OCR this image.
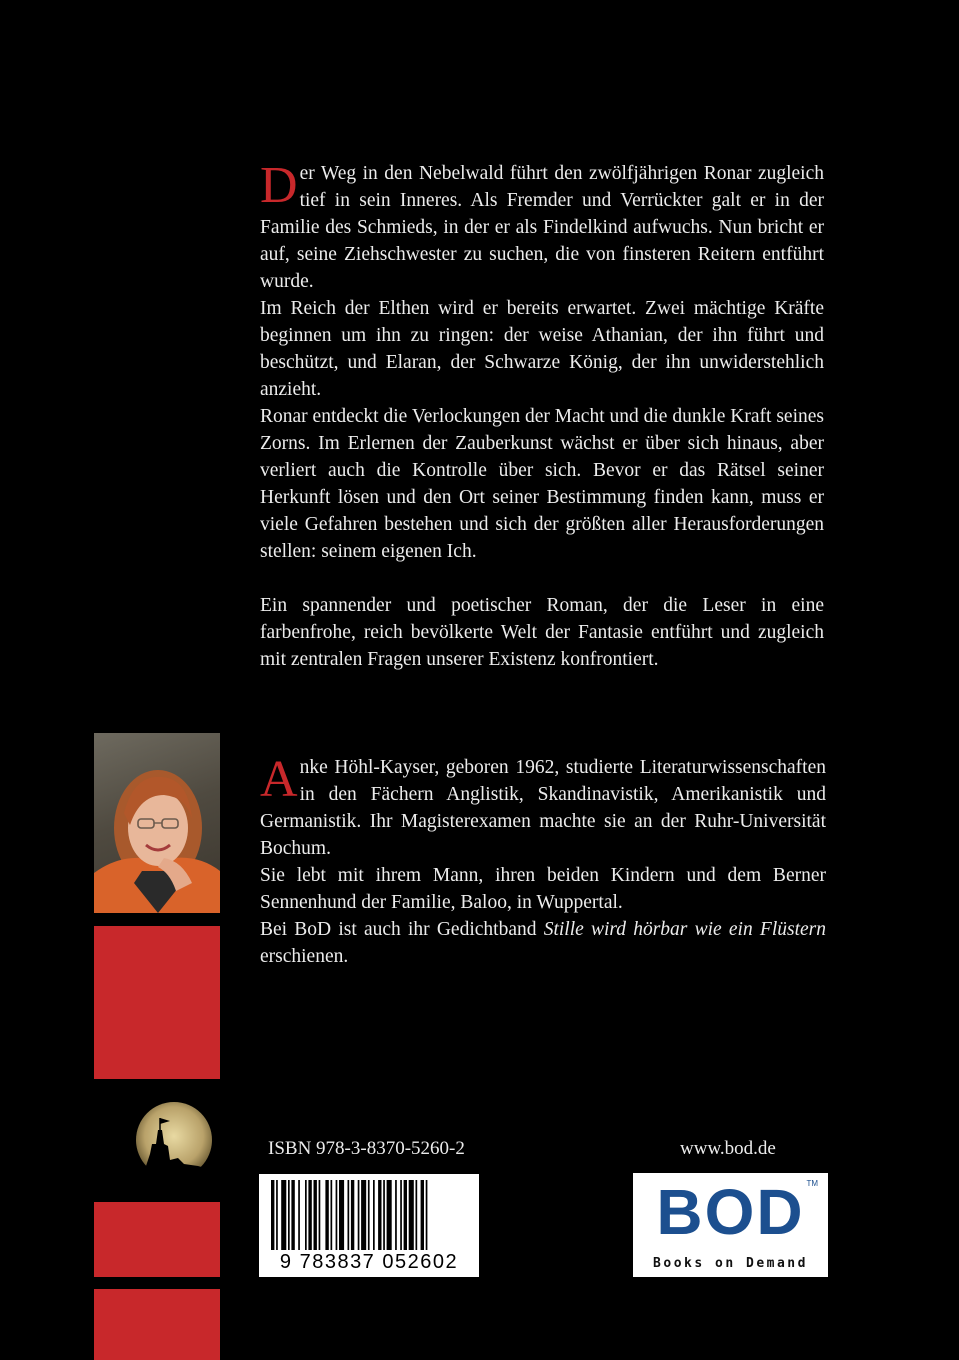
Der Weg in den Nebelwald führt den zwölfjährigen Ronar zugleich tief in sein Inneres. Als Fremder und Verrückter galt er in der Familie des Schmieds, in der er als Findelkind aufwuchs. Nun bricht er auf, seine Ziehschwester zu suchen, die von finsteren Reitern entführt wurde.

Im Reich der Elthen wird er bereits erwartet. Zwei mächtige Kräfte beginnen um ihn zu ringen: der weise Athanian, der ihn führt und beschützt, und Elaran, der Schwarze König, der ihn unwiderstehlich anzieht.

Ronar entdeckt die Verlockungen der Macht und die dunkle Kraft seines Zorns. Im Erlernen der Zauberkunst wächst er über sich hinaus, aber verliert auch die Kontrolle über sich. Bevor er das Rätsel seiner Herkunft lösen und den Ort seiner Bestimmung finden kann, muss er viele Gefahren bestehen und sich der größten aller Herausforderungen stellen: seinem eigenen Ich.

Ein spannender und poetischer Roman, der die Leser in eine farbenfrohe, reich bevölkerte Welt der Fantasie entführt und zugleich mit zentralen Fragen unserer Existenz konfrontiert.

Anke Höhl-Kayser, geboren 1962, studierte Literaturwissenschaften in den Fächern Anglistik, Skandinavistik, Amerikanistik und Germanistik. Ihr Magisterexamen machte sie an der Ruhr-Universität Bochum.

Sie lebt mit ihrem Mann, ihren beiden Kindern und dem Berner Sennenhund der Familie, Baloo, in Wuppertal.

Bei BoD ist auch ihr Gedichtband Stille wird hörbar wie ein Flüstern erschienen.

ISBN 978-3-8370-5260-2	www.bod.de
9 783837 052602
BOD TM
Books on Demand
